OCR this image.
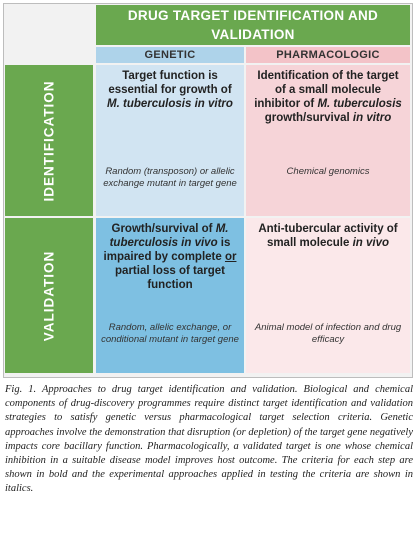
DRUG TARGET IDENTIFICATION AND
VALIDATION
GENETIC	PHARMACOLOGIC
IDENTIFICATION
VALIDATION
Target function is
essential for growth of
M. tuberculosis in vitro
Random (transposon) or allelic exchange mutant in target gene
Identification of the target of a small molecule inhibitor of M. tuberculosis growth/survival in vitro
Chemical genomics
Growth/survival of M. tuberculosis in vivo is impaired by complete or partial loss of target function
Random, allelic exchange, or conditional mutant in target gene
Anti-tubercular activity of small molecule in vivo
Animal model of infection and drug efficacy
Fig. 1. Approaches to drug target identification and validation. Biological and chemical components of drug-discovery programmes require distinct target identification and validation strategies to satisfy genetic versus pharmacological target selection criteria. Genetic approaches involve the demonstration that disruption (or depletion) of the target gene negatively impacts core bacillary function. Pharmacologically, a validated target is one whose chemical inhibition in a suitable disease model improves host outcome. The criteria for each step are shown in bold and the experimental approaches applied in testing the criteria are shown in italics.
